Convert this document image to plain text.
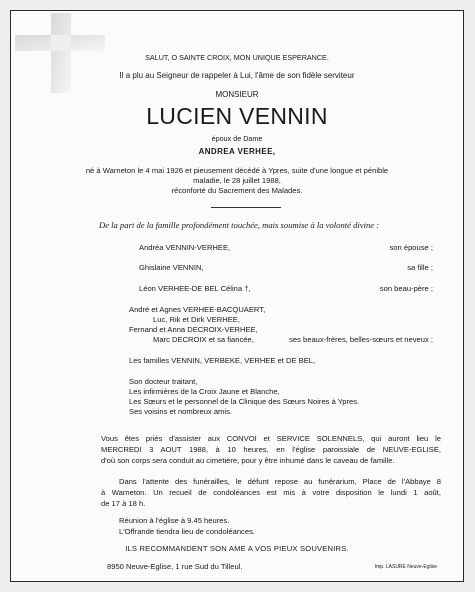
SALUT, O SAINTE CROIX, MON UNIQUE ESPERANCE.
Il a plu au Seigneur de rappeler à Lui, l'âme de son fidèle serviteur
MONSIEUR
LUCIEN VENNIN
époux de Dame
ANDREA VERHEE,
né à Warneton le 4 mai 1926 et pieusement décédé à Ypres, suite d'une longue et pénible
maladie, le 28 juillet 1988,
réconforté du Sacrement des Malades.
De la part de la famille profondément touchée, mais soumise à la volonté divine :
Andréa VENNIN-VERHEE,	son épouse ;
Ghislaine VENNIN,	sa fille ;
Léon VERHEE-DE BEL Célina †,	son beau-père ;
André et Agnes VERHEE-BACQUAERT,
Luc, Rik et Dirk VERHEE,
Fernand et Anna DECROIX-VERHEE,
Marc DECROIX et sa fiancée,	ses beaux-frères, belles-sœurs et neveux ;
Les familles VENNIN, VERBEKE, VERHEE et DE BEL,
Son docteur traitant,
Les infirmières de la Croix Jaune et Blanche,
Les Sœurs et le personnel de la Clinique des Sœurs Noires à Ypres.
Ses voisins et nombreux amis.
Vous êtes priés d'assister aux CONVOI et SERVICE SOLENNELS, qui auront lieu le
MERCREDI 3 AOUT 1988, à 10 heures, en l'église paroissiale de NEUVE-EGLISE,
d'où son corps sera conduit au cimetière, pour y être inhumé dans le caveau de famille.
Dans l'attente des funérailles, le défunt repose au funérarium, Place de l'Abbaye 8
à Warneton. Un recueil de condoléances est mis à votre disposition le lundi 1 août,
de 17 à 18 h.
Réunion à l'église à 9.45 heures.
L'Offrande tiendra lieu de condoléances.
ILS RECOMMANDENT SON AME A VOS PIEUX SOUVENIRS.
8950 Neuve-Eglise, 1 rue Sud du Tilleul.	Imp. LASURE Neuve-Eglise
